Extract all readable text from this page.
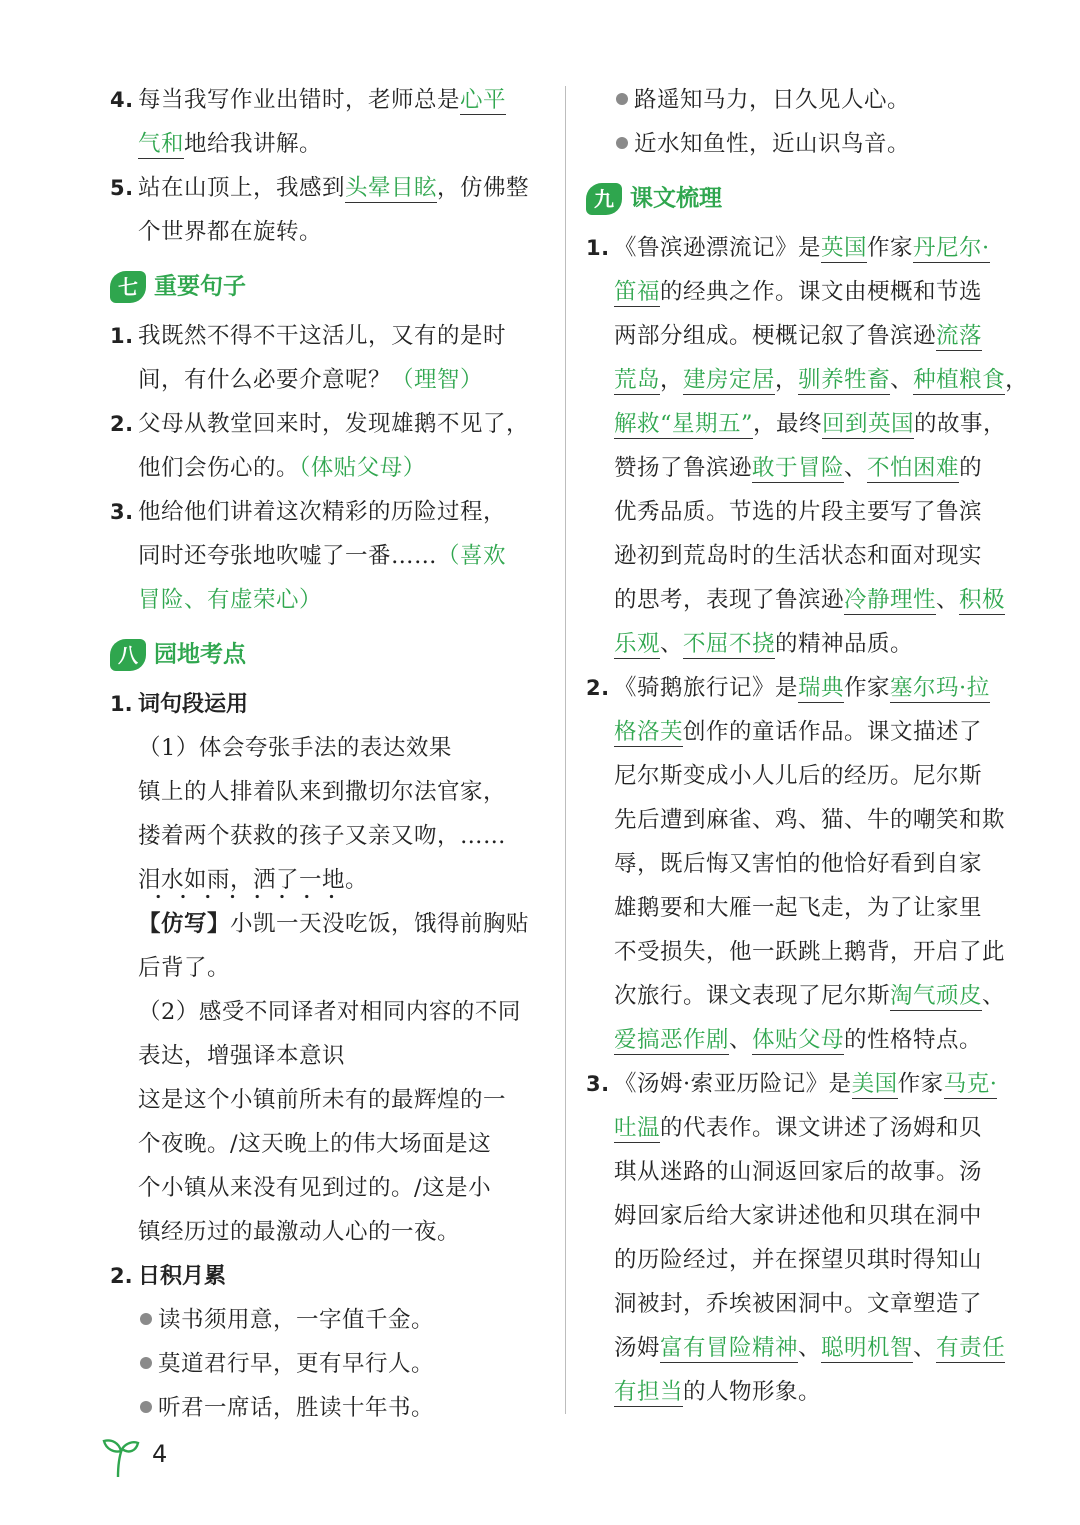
4. 每当我写作业出错时，老师总是心平
气和地给我讲解。
5. 站在山顶上，我感到头晕目眩，仿佛整
个世界都在旋转。
七 重要句子
1. 我既然不得不干这活儿，又有的是时
间，有什么必要介意呢？（理智）
2. 父母从教堂回来时，发现雄鹅不见了，
他们会伤心的。（体贴父母）
3. 他给他们讲着这次精彩的历险过程，
同时还夸张地吹嘘了一番……（喜欢
冒险、有虚荣心）
八 园地考点
1. 词句段运用
（1）体会夸张手法的表达效果
镇上的人排着队来到撒切尔法官家，
搂着两个获救的孩子又亲又吻，……
泪水如雨，洒了一地。
【仿写】小凯一天没吃饭，饿得前胸贴
后背了。
（2）感受不同译者对相同内容的不同
表达，增强译本意识
这是这个小镇前所未有的最辉煌的一
个夜晚。/这天晚上的伟大场面是这
个小镇从来没有见到过的。/这是小
镇经历过的最激动人心的一夜。
2. 日积月累
读书须用意，一字值千金。
莫道君行早，更有早行人。
听君一席话，胜读十年书。
路遥知马力，日久见人心。
近水知鱼性，近山识鸟音。
九 课文梳理
1. 《鲁滨逊漂流记》是英国作家丹尼尔·
笛福的经典之作。课文由梗概和节选
两部分组成。梗概记叙了鲁滨逊流落
荒岛，建房定居，驯养牲畜、种植粮食，
解救“星期五”，最终回到英国的故事，
赞扬了鲁滨逊敢于冒险、不怕困难的
优秀品质。节选的片段主要写了鲁滨
逊初到荒岛时的生活状态和面对现实
的思考，表现了鲁滨逊冷静理性、积极
乐观、不屈不挠的精神品质。
2. 《骑鹅旅行记》是瑞典作家塞尔玛·拉
格洛芙创作的童话作品。课文描述了
尼尔斯变成小人儿后的经历。尼尔斯
先后遭到麻雀、鸡、猫、牛的嘲笑和欺
辱，既后悔又害怕的他恰好看到自家
雄鹅要和大雁一起飞走，为了让家里
不受损失，他一跃跳上鹅背，开启了此
次旅行。课文表现了尼尔斯淘气顽皮、
爱搞恶作剧、体贴父母的性格特点。
3. 《汤姆·索亚历险记》是美国作家马克·
吐温的代表作。课文讲述了汤姆和贝
琪从迷路的山洞返回家后的故事。汤
姆回家后给大家讲述他和贝琪在洞中
的历险经过，并在探望贝琪时得知山
洞被封，乔埃被困洞中。文章塑造了
汤姆富有冒险精神、聪明机智、有责任
有担当的人物形象。
4
